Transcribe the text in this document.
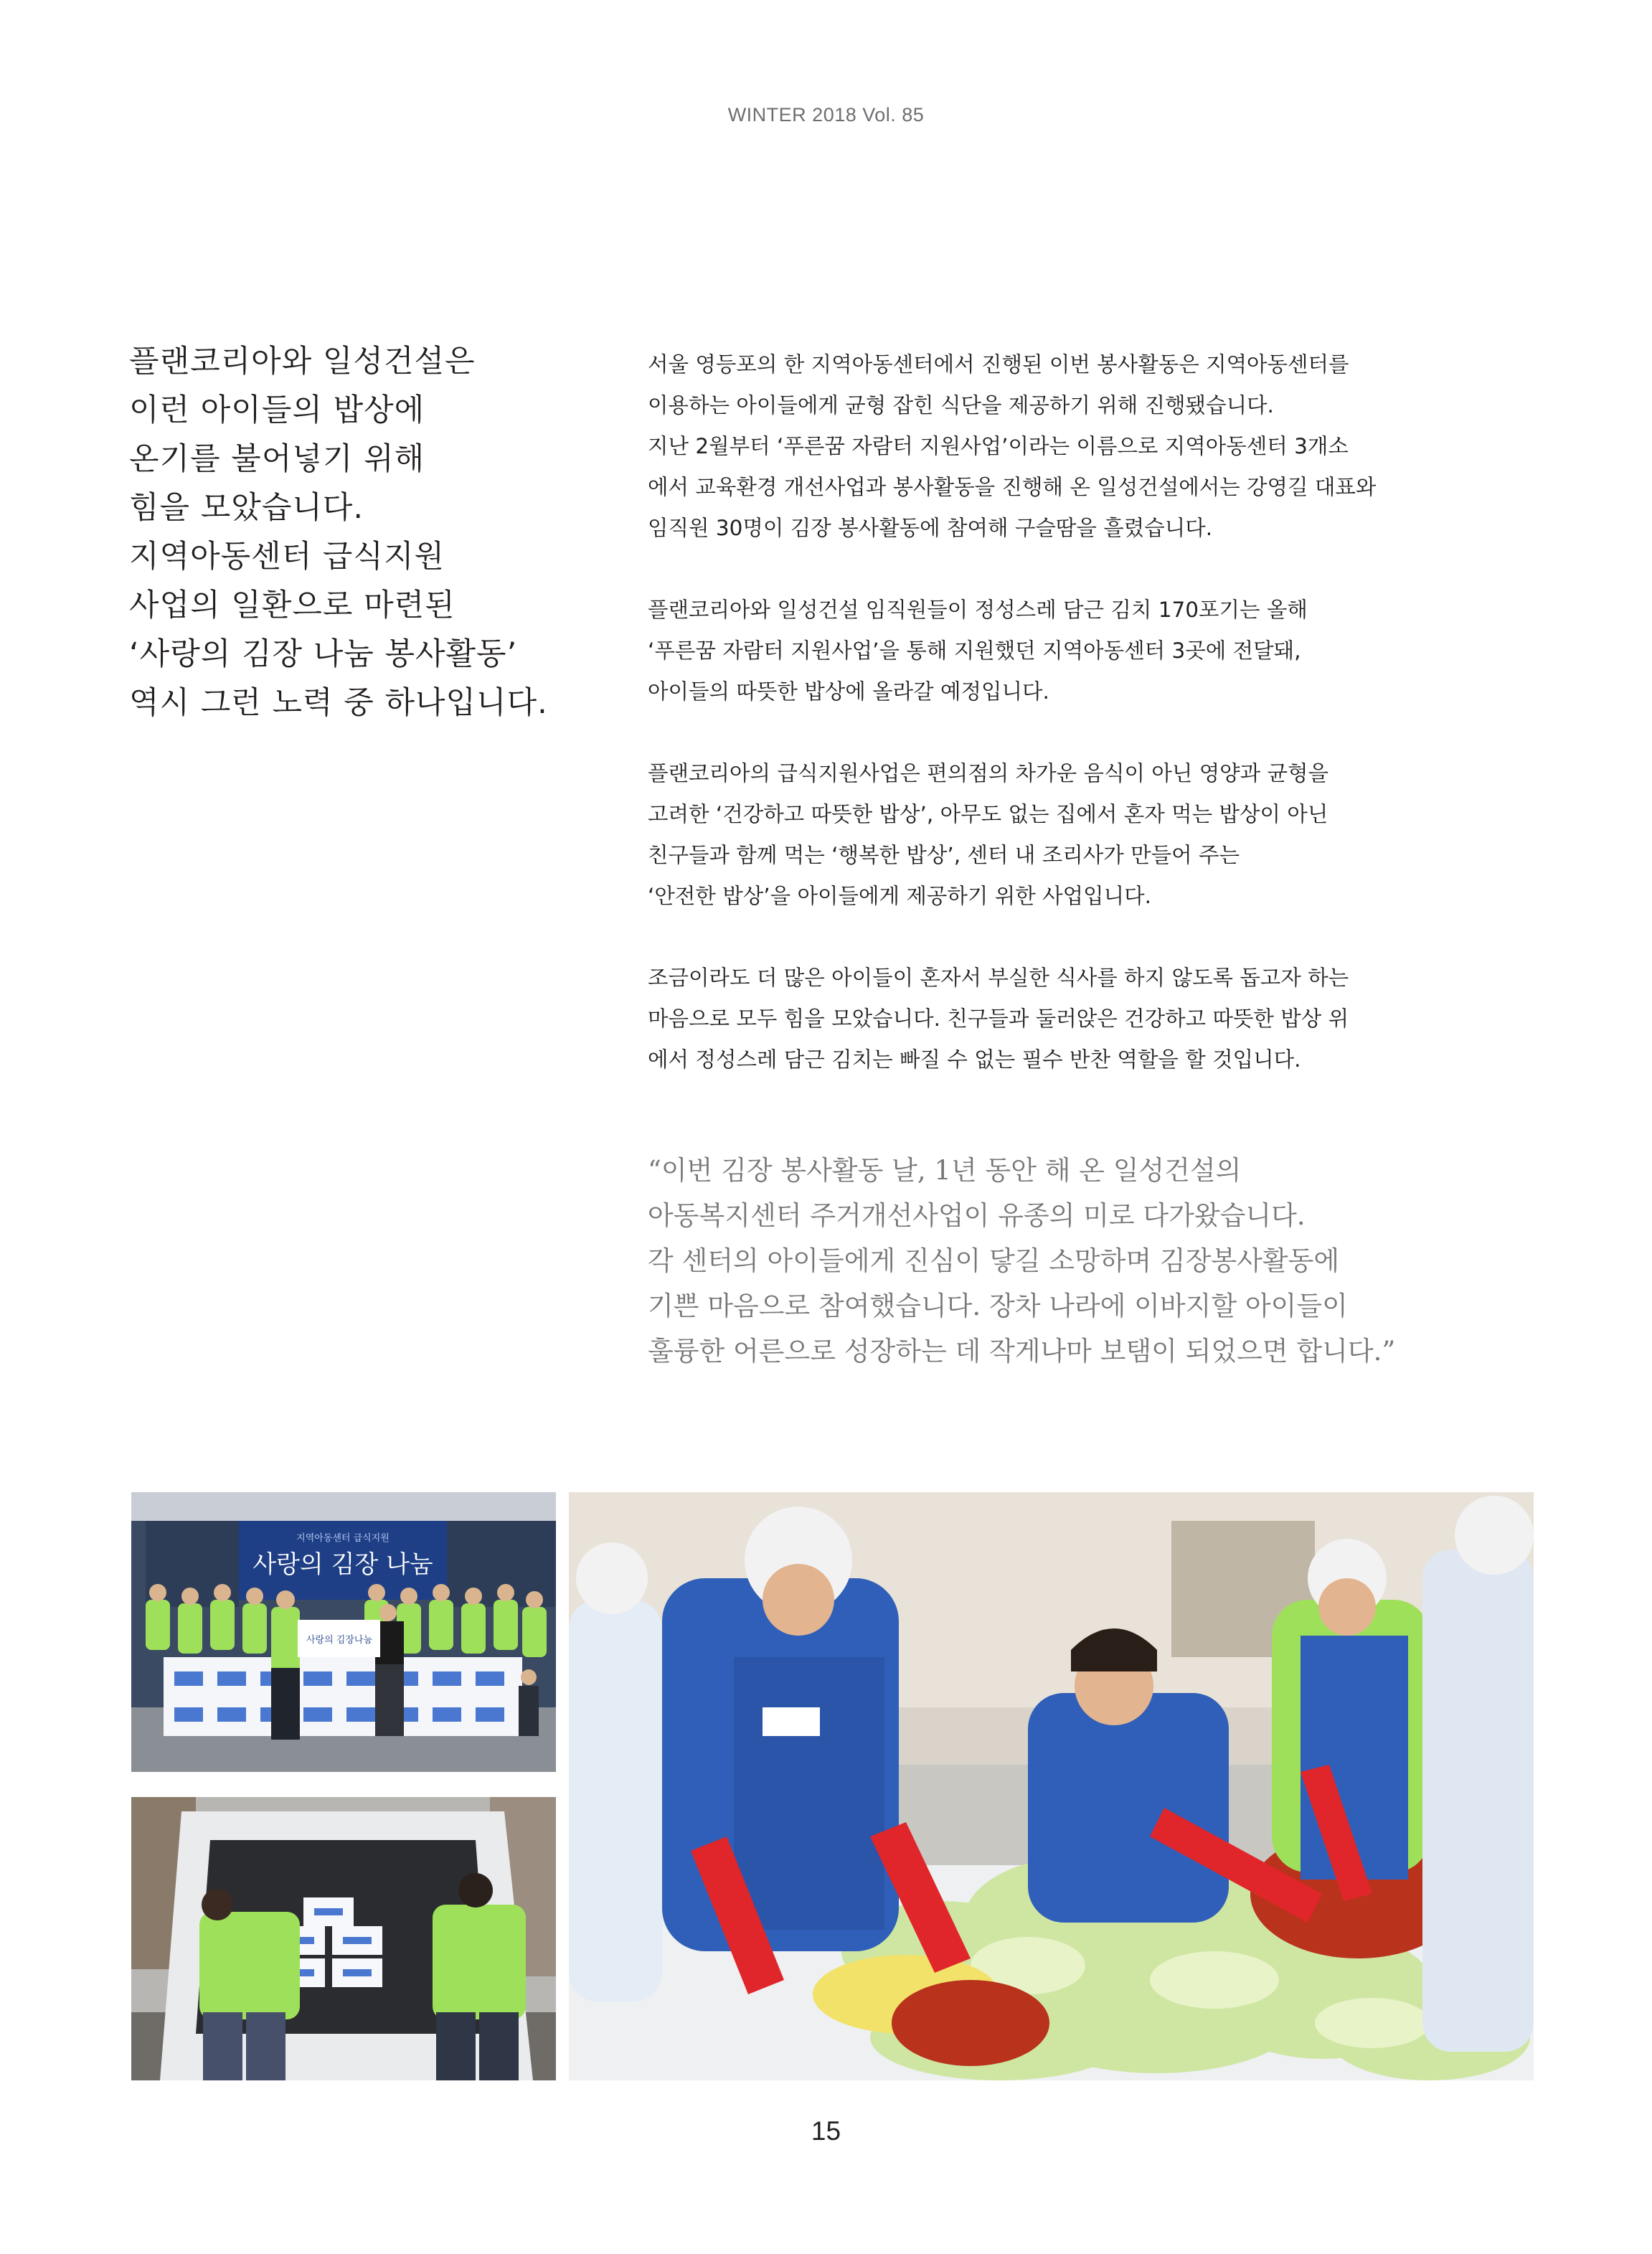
WINTER 2018 Vol. 85
플랜코리아와 일성건설은
이런 아이들의 밥상에
온기를 불어넣기 위해
힘을 모았습니다.
지역아동센터 급식지원
사업의 일환으로 마련된
‘사랑의 김장 나눔 봉사활동’
역시 그런 노력 중 하나입니다.
서울 영등포의 한 지역아동센터에서 진행된 이번 봉사활동은 지역아동센터를
이용하는 아이들에게 균형 잡힌 식단을 제공하기 위해 진행됐습니다.
지난 2월부터 ‘푸른꿈 자람터 지원사업’이라는 이름으로 지역아동센터 3개소
에서 교육환경 개선사업과 봉사활동을 진행해 온 일성건설에서는 강영길 대표와
임직원 30명이 김장 봉사활동에 참여해 구슬땀을 흘렸습니다.
플랜코리아와 일성건설 임직원들이 정성스레 담근 김치 170포기는 올해
‘푸른꿈 자람터 지원사업’을 통해 지원했던 지역아동센터 3곳에 전달돼,
아이들의 따뜻한 밥상에 올라갈 예정입니다.
플랜코리아의 급식지원사업은 편의점의 차가운 음식이 아닌 영양과 균형을
고려한 ‘건강하고 따뜻한 밥상’, 아무도 없는 집에서 혼자 먹는 밥상이 아닌
친구들과 함께 먹는 ‘행복한 밥상’, 센터 내 조리사가 만들어 주는
‘안전한 밥상’을 아이들에게 제공하기 위한 사업입니다.
조금이라도 더 많은 아이들이 혼자서 부실한 식사를 하지 않도록 돕고자 하는
마음으로 모두 힘을 모았습니다. 친구들과 둘러앉은 건강하고 따뜻한 밥상 위
에서 정성스레 담근 김치는 빠질 수 없는 필수 반찬 역할을 할 것입니다.
“이번 김장 봉사활동 날, 1년 동안 해 온 일성건설의
아동복지센터 주거개선사업이 유종의 미로 다가왔습니다.
각 센터의 아이들에게 진심이 닿길 소망하며 김장봉사활동에
기쁜 마음으로 참여했습니다. 장차 나라에 이바지할 아이들이
훌륭한 어른으로 성장하는 데 작게나마 보탬이 되었으면 합니다.”
지역아동센터 급식지원
사랑의 김장 나눔
사랑의 김장나눔
15
